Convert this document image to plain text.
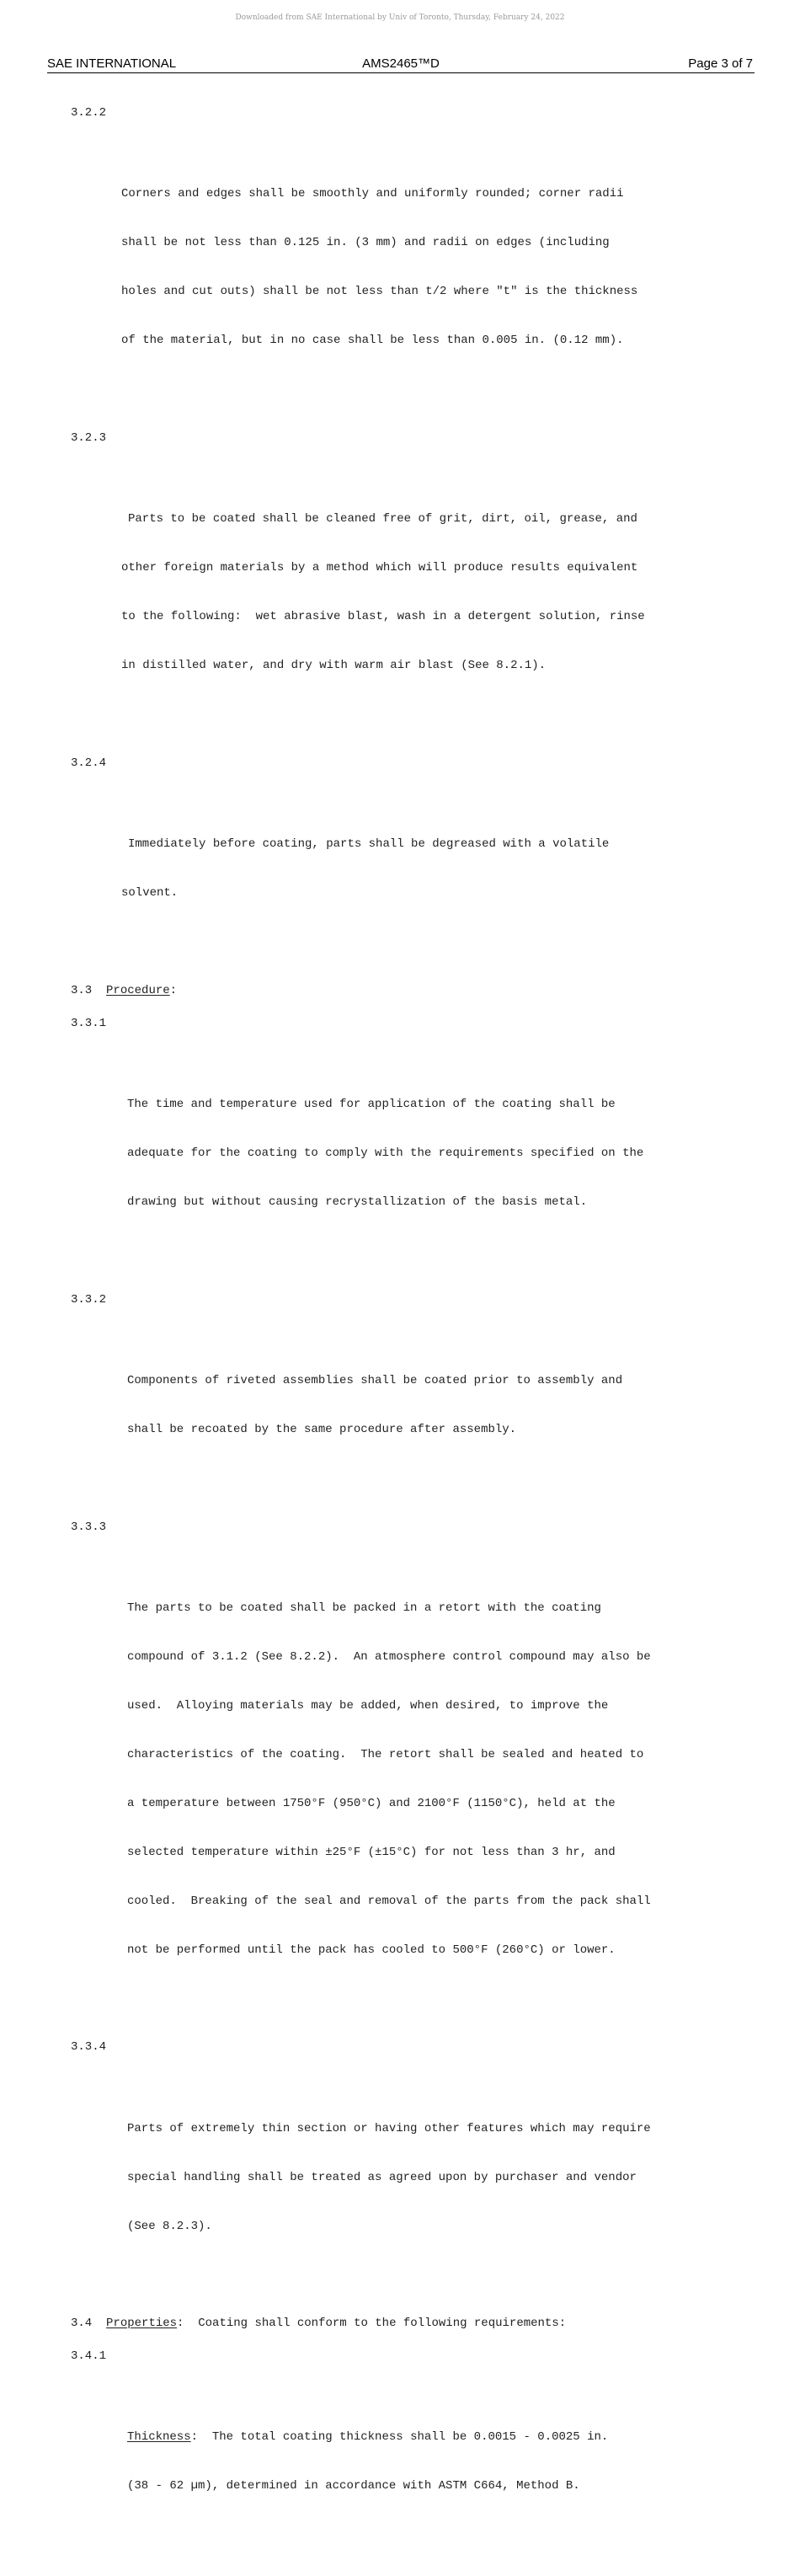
Downloaded from SAE International by Univ of Toronto, Thursday, February 24, 2022
SAE INTERNATIONAL	AMS2465™D	Page 3 of 7

3.2.2

Corners and edges shall be smoothly and uniformly rounded; corner radii

shall be not less than 0.125 in. (3 mm) and radii on edges (including

holes and cut outs) shall be not less than t/2 where "t" is the thickness

of the material, but in no case shall be less than 0.005 in. (0.12 mm).

3.2.3

Parts to be coated shall be cleaned free of grit, dirt, oil, grease, and

other foreign materials by a method which will produce results equivalent

to the following:  wet abrasive blast, wash in a detergent solution, rinse

in distilled water, and dry with warm air blast (See 8.2.1).

3.2.4

Immediately before coating, parts shall be degreased with a volatile

solvent.

3.3 Procedure:

3.3.1

The time and temperature used for application of the coating shall be

adequate for the coating to comply with the requirements specified on the

drawing but without causing recrystallization of the basis metal.

3.3.2

Components of riveted assemblies shall be coated prior to assembly and

shall be recoated by the same procedure after assembly.

3.3.3

The parts to be coated shall be packed in a retort with the coating

compound of 3.1.2 (See 8.2.2).  An atmosphere control compound may also be

used.  Alloying materials may be added, when desired, to improve the

characteristics of the coating.  The retort shall be sealed and heated to

a temperature between 1750°F (950°C) and 2100°F (1150°C), held at the

selected temperature within ±25°F (±15°C) for not less than 3 hr, and

cooled.  Breaking of the seal and removal of the parts from the pack shall

not be performed until the pack has cooled to 500°F (260°C) or lower.

3.3.4

Parts of extremely thin section or having other features which may require

special handling shall be treated as agreed upon by purchaser and vendor

(See 8.2.3).

3.4 Properties:  Coating shall conform to the following requirements:

3.4.1

Thickness:  The total coating thickness shall be 0.0015 - 0.0025 in.

(38 - 62 µm), determined in accordance with ASTM C664, Method B.
